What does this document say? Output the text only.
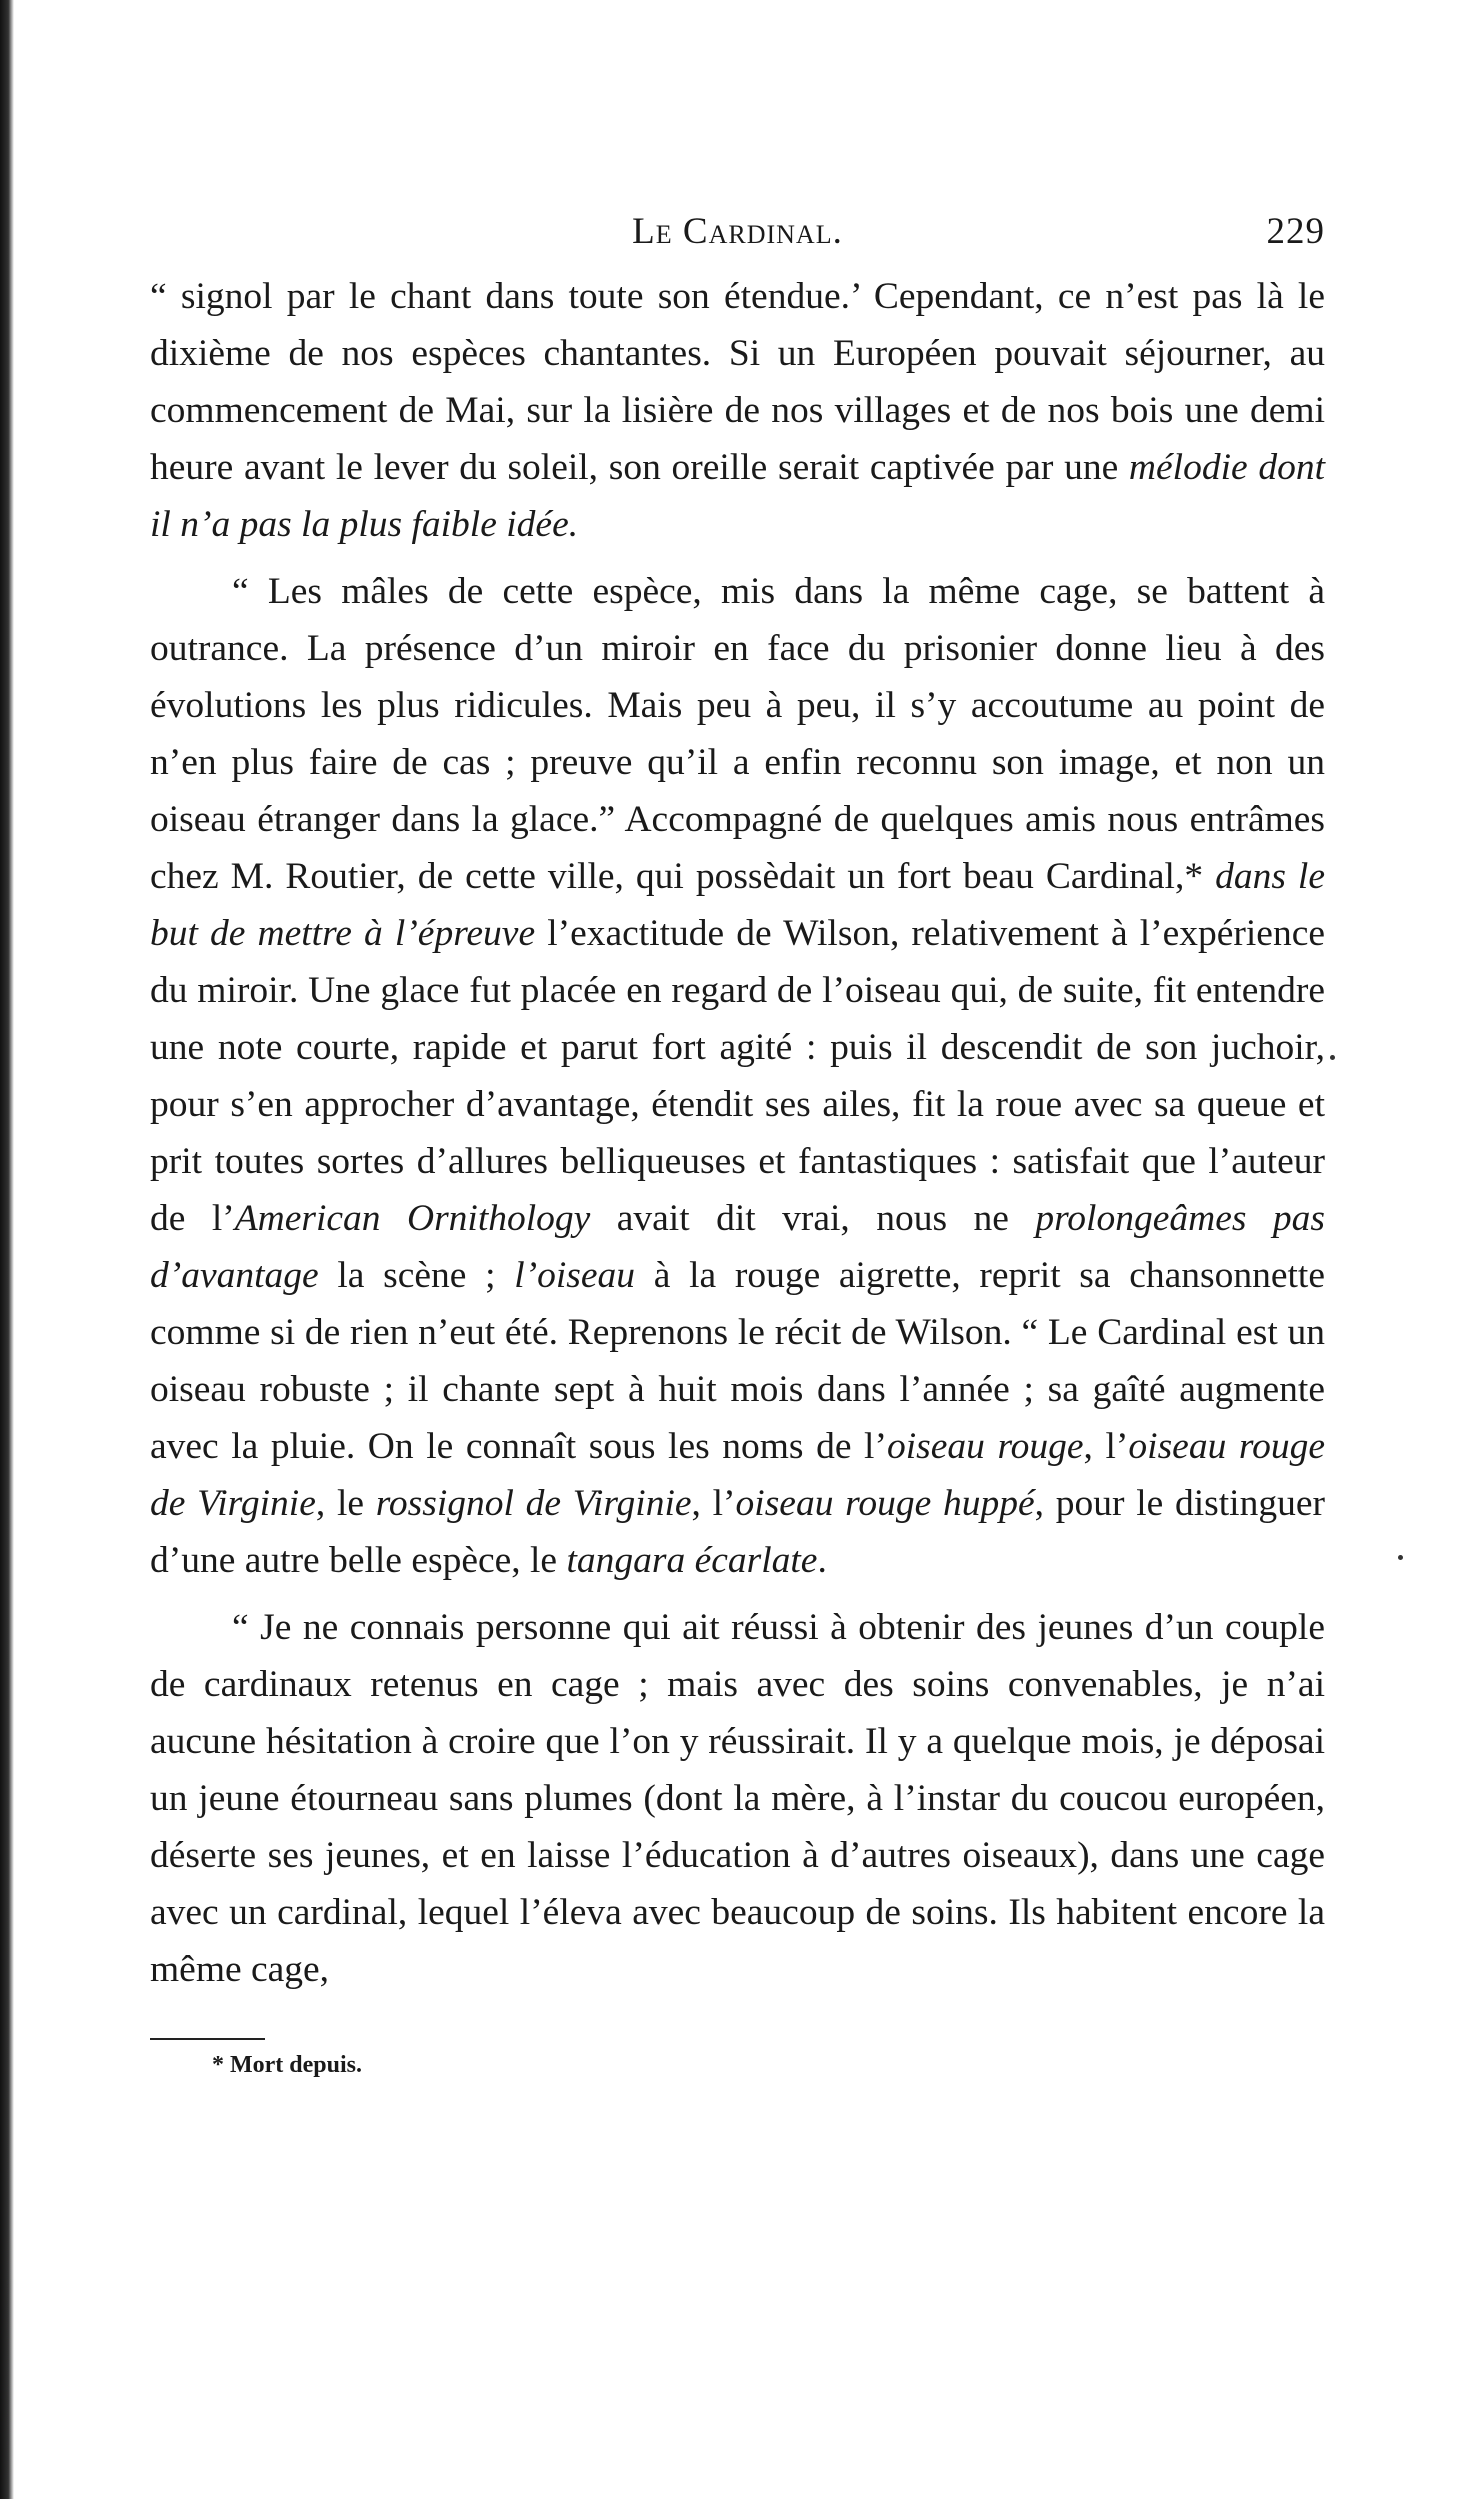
Le Cardinal.	229

“ signol par le chant dans toute son étendue.’ Cependant, ce n’est pas là le dixième de nos espèces chantantes. Si un Européen pouvait séjourner, au commencement de Mai, sur la lisière de nos villages et de nos bois une demi heure avant le lever du soleil, son oreille serait captivée par une mélodie dont il n’a pas la plus faible idée.

“ Les mâles de cette espèce, mis dans la même cage, se battent à outrance. La présence d’un miroir en face du prisonier donne lieu à des évolutions les plus ridicules. Mais peu à peu, il s’y accoutume au point de n’en plus faire de cas ; preuve qu’il a enfin reconnu son image, et non un oiseau étranger dans la glace.” Accompagné de quelques amis nous entrâmes chez M. Routier, de cette ville, qui possèdait un fort beau Cardinal,* dans le but de mettre à l’épreuve l’exactitude de Wilson, relativement à l’expérience du miroir. Une glace fut placée en regard de l’oiseau qui, de suite, fit entendre une note courte, rapide et parut fort agité : puis il descendit de son juchoir, pour s’en approcher d’avantage, étendit ses ailes, fit la roue avec sa queue et prit toutes sortes d’allures belliqueuses et fantastiques : satisfait que l’auteur de l’American Ornithology avait dit vrai, nous ne prolongeâmes pas d’avantage la scène ; l’oiseau à la rouge aigrette, reprit sa chansonnette comme si de rien n’eut été. Reprenons le récit de Wilson. “ Le Cardinal est un oiseau robuste ; il chante sept à huit mois dans l’année ; sa gaîté augmente avec la pluie. On le connaît sous les noms de l’oiseau rouge, l’oiseau rouge de Virginie, le rossignol de Virginie, l’oiseau rouge huppé, pour le distinguer d’une autre belle espèce, le tangara écarlate.

“ Je ne connais personne qui ait réussi à obtenir des jeunes d’un couple de cardinaux retenus en cage ; mais avec des soins convenables, je n’ai aucune hésitation à croire que l’on y réussirait. Il y a quelque mois, je déposai un jeune étourneau sans plumes (dont la mère, à l’instar du coucou européen, déserte ses jeunes, et en laisse l’éducation à d’autres oiseaux), dans une cage avec un cardinal, lequel l’éleva avec beaucoup de soins. Ils habitent encore la même cage,

* Mort depuis.
